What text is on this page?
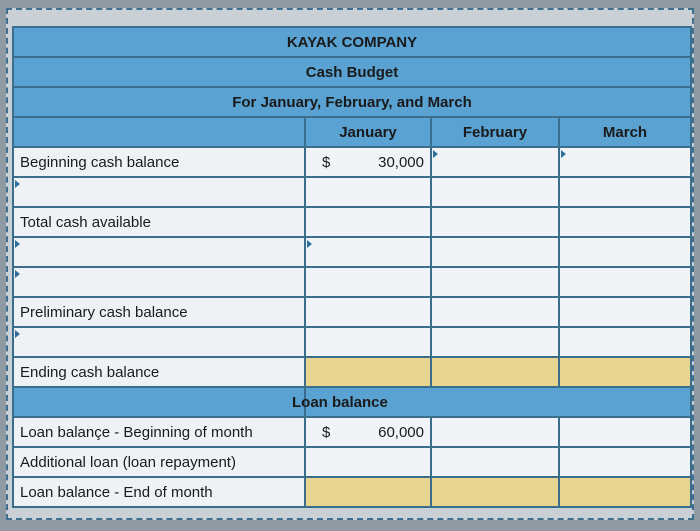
KAYAK COMPANY			
Cash Budget			
For January, February, and March			
	January	February	March
Beginning cash balance	$ 30,000		

Total cash available			

Preliminary cash balance			

Ending cash balance			
	Loan balance		
Loan balançe - Beginning of month	$ 60,000		

Additional loan (loan repayment)			
Loan balance - End of month			
